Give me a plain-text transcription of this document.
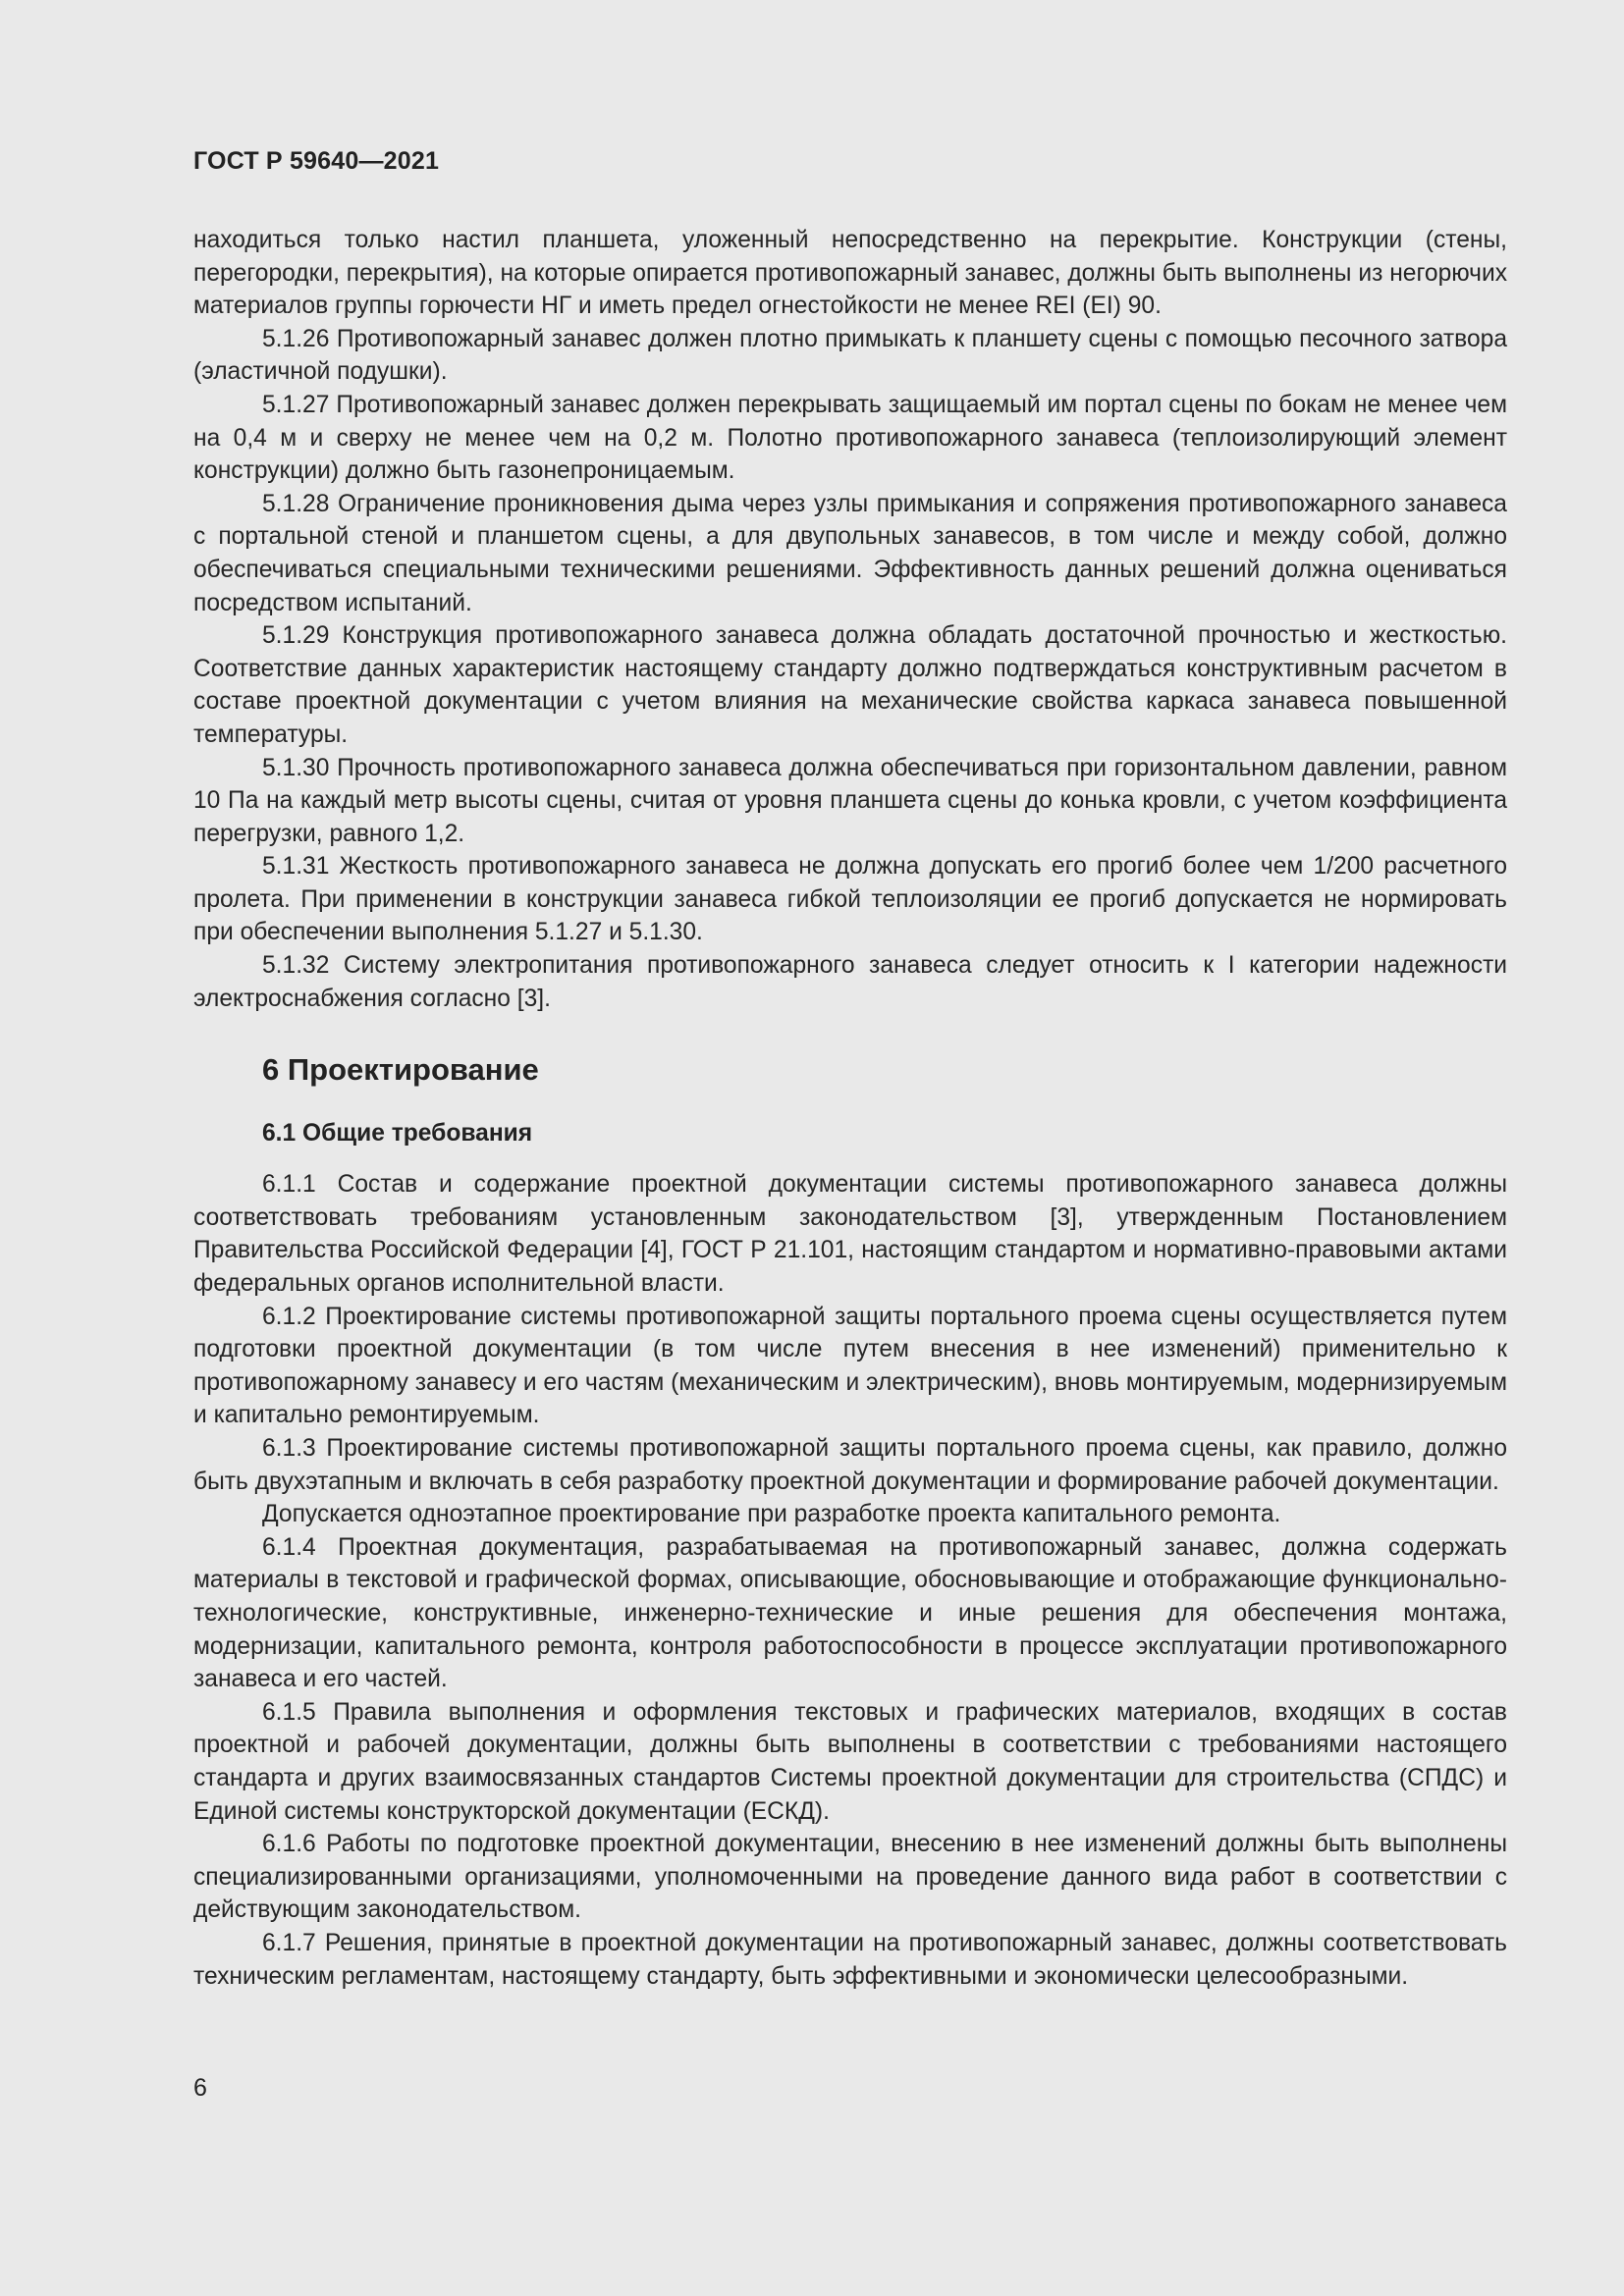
ГОСТ Р 59640—2021

находиться только настил планшета, уложенный непосредственно на перекрытие. Конструкции (стены, перегородки, перекрытия), на которые опирается противопожарный занавес, должны быть выполнены из негорючих материалов группы горючести НГ и иметь предел огнестойкости не менее REI (EI) 90.

5.1.26 Противопожарный занавес должен плотно примыкать к планшету сцены с помощью песочного затвора (эластичной подушки).

5.1.27 Противопожарный занавес должен перекрывать защищаемый им портал сцены по бокам не менее чем на 0,4 м и сверху не менее чем на 0,2 м. Полотно противопожарного занавеса (теплоизолирующий элемент конструкции) должно быть газонепроницаемым.

5.1.28 Ограничение проникновения дыма через узлы примыкания и сопряжения противопожарного занавеса с портальной стеной и планшетом сцены, а для двупольных занавесов, в том числе и между собой, должно обеспечиваться специальными техническими решениями. Эффективность данных решений должна оцениваться посредством испытаний.

5.1.29 Конструкция противопожарного занавеса должна обладать достаточной прочностью и жесткостью. Соответствие данных характеристик настоящему стандарту должно подтверждаться конструктивным расчетом в составе проектной документации с учетом влияния на механические свойства каркаса занавеса повышенной температуры.

5.1.30 Прочность противопожарного занавеса должна обеспечиваться при горизонтальном давлении, равном 10 Па на каждый метр высоты сцены, считая от уровня планшета сцены до конька кровли, с учетом коэффициента перегрузки, равного 1,2.

5.1.31 Жесткость противопожарного занавеса не должна допускать его прогиб более чем 1/200 расчетного пролета. При применении в конструкции занавеса гибкой теплоизоляции ее прогиб допускается не нормировать при обеспечении выполнения 5.1.27 и 5.1.30.

5.1.32 Систему электропитания противопожарного занавеса следует относить к I категории надежности электроснабжения согласно [3].

6 Проектирование
6.1 Общие требования

6.1.1 Состав и содержание проектной документации системы противопожарного занавеса должны соответствовать требованиям установленным законодательством [3], утвержденным Постановлением Правительства Российской Федерации [4], ГОСТ Р 21.101, настоящим стандартом и нормативно-правовыми актами федеральных органов исполнительной власти.

6.1.2 Проектирование системы противопожарной защиты портального проема сцены осуществляется путем подготовки проектной документации (в том числе путем внесения в нее изменений) применительно к противопожарному занавесу и его частям (механическим и электрическим), вновь монтируемым, модернизируемым и капитально ремонтируемым.

6.1.3 Проектирование системы противопожарной защиты портального проема сцены, как правило, должно быть двухэтапным и включать в себя разработку проектной документации и формирование рабочей документации.

Допускается одноэтапное проектирование при разработке проекта капитального ремонта.

6.1.4 Проектная документация, разрабатываемая на противопожарный занавес, должна содержать материалы в текстовой и графической формах, описывающие, обосновывающие и отображающие функционально-технологические, конструктивные, инженерно-технические и иные решения для обеспечения монтажа, модернизации, капитального ремонта, контроля работоспособности в процессе эксплуатации противопожарного занавеса и его частей.

6.1.5 Правила выполнения и оформления текстовых и графических материалов, входящих в состав проектной и рабочей документации, должны быть выполнены в соответствии с требованиями настоящего стандарта и других взаимосвязанных стандартов Системы проектной документации для строительства (СПДС) и Единой системы конструкторской документации (ЕСКД).

6.1.6 Работы по подготовке проектной документации, внесению в нее изменений должны быть выполнены специализированными организациями, уполномоченными на проведение данного вида работ в соответствии с действующим законодательством.

6.1.7 Решения, принятые в проектной документации на противопожарный занавес, должны соответствовать техническим регламентам, настоящему стандарту, быть эффективными и экономически целесообразными.

6
